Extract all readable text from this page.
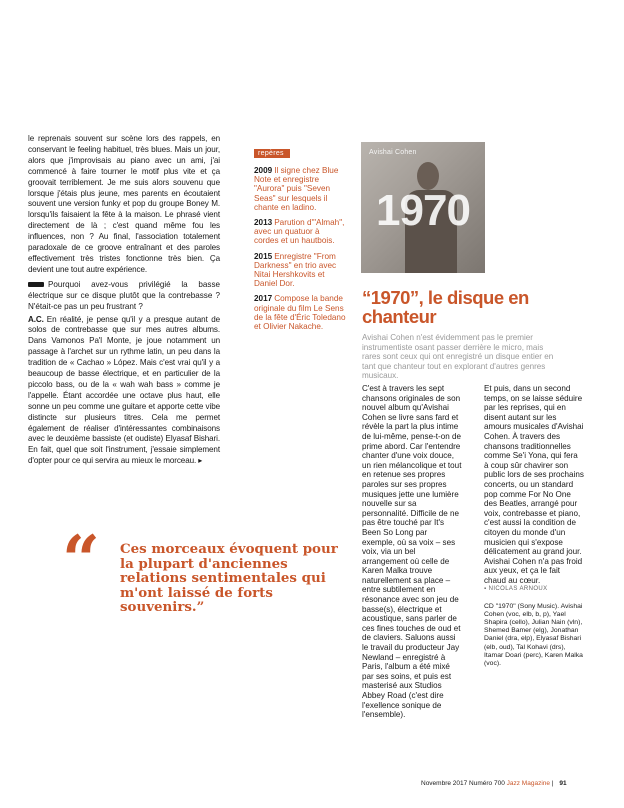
le reprenais souvent sur scène lors des rappels, en conservant le feeling habituel, très blues. Mais un jour, alors que j'improvisais au piano avec un ami, j'ai commencé à faire tourner le motif plus vite et ça groovait terriblement. Je me suis alors souvenu que lorsque j'étais plus jeune, mes parents en écoutaient souvent une version funky et pop du groupe Boney M. lorsqu'ils faisaient la fête à la maison. Le phrasé vient directement de là ; c'est quand même fou les influences, non ? Au final, l'association totalement paradoxale de ce groove entraînant et des paroles effectivement très tristes fonctionne très bien. Ça devient une tout autre expérience.

Pourquoi avez-vous privilégié la basse électrique sur ce disque plutôt que la contrebasse ? N'était-ce pas un peu frustrant ?

A.C. En réalité, je pense qu'il y a presque autant de solos de contrebasse que sur mes autres albums. Dans Vamonos Pa'l Monte, je joue notamment un passage à l'archet sur un rythme latin, un peu dans la tradition de « Cachao » López. Mais c'est vrai qu'il y a beaucoup de basse électrique, et en particulier de la piccolo bass, ou de la « wah wah bass » comme je l'appelle. Étant accordée une octave plus haut, elle sonne un peu comme une guitare et apporte cette vibe distincte sur plusieurs titres. Cela me permet également de réaliser d'intéressantes combinaisons avec le deuxième bassiste (et oudiste) Elyasaf Bishari. En fait, quel que soit l'instrument, j'essaie simplement d'opter pour ce qui servira au mieux le morceau. ▸

“ Ces morceaux évoquent pour la plupart d'anciennes relations sentimentales qui m'ont laissé de forts souvenirs.”
repères
2009 Il signe chez Blue Note et enregistre "Aurora" puis "Seven Seas" sur lesquels il chante en ladino.
2013 Parution d'"Almah", avec un quatuor à cordes et un hautbois.
2015 Enregistre "From Darkness" en trio avec Nitai Hershkovits et Daniel Dor.
2017 Compose la bande originale du film Le Sens de la fête d'Éric Toledano et Olivier Nakache.
Avishai Cohen
1970
“1970”, le disque en chanteur
Avishai Cohen n'est évidemment pas le premier instrumentiste osant passer derrière le micro, mais rares sont ceux qui ont enregistré un disque entier en tant que chanteur tout en explorant d'autres genres musicaux.
C'est à travers les sept chansons originales de son nouvel album qu'Avishai Cohen se livre sans fard et révèle la part la plus intime de lui-même, pense-t-on de prime abord. Car l'entendre chanter d'une voix douce, un rien mélancolique et tout en retenue ses propres paroles sur ses propres musiques jette une lumière nouvelle sur sa personnalité. Difficile de ne pas être touché par It's Been So Long par exemple, où sa voix – ses voix, via un bel arrangement où celle de Karen Malka trouve naturellement sa place – entre subtilement en résonance avec son jeu de basse(s), électrique et acoustique, sans parler de ces fines touches de oud et de claviers. Saluons aussi le travail du producteur Jay Newland – enregistré à Paris, l'album a été mixé par ses soins, et puis est masterisé aux Studios Abbey Road (c'est dire l'exellence sonique de l'ensemble).
Et puis, dans un second temps, on se laisse séduire par les reprises, qui en disent autant sur les amours musicales d'Avishai Cohen. À travers des chansons traditionnelles comme Se'i Yona, qui fera à coup sûr chavirer son public lors de ses prochains concerts, ou un standard pop comme For No One des Beatles, arrangé pour voix, contrebasse et piano, c'est aussi la condition de citoyen du monde d'un musicien qui s'expose délicatement au grand jour. Avishai Cohen n'a pas froid aux yeux, et ça le fait chaud au cœur.
▪ NICOLAS ARNOUX
CD "1970" (Sony Music). Avishai Cohen (voc, elb, b, p), Yael Shapira (cello), Julian Nain (vln), Shemed Bamer (elg), Jonathan Daniel (dra, elp), Elyasaf Bishari (elb, oud), Tal Kohavi (drs), Itamar Doari (perc), Karen Malka (voc).
Novembre 2017 Numéro 700 Jazz Magazine | 91
